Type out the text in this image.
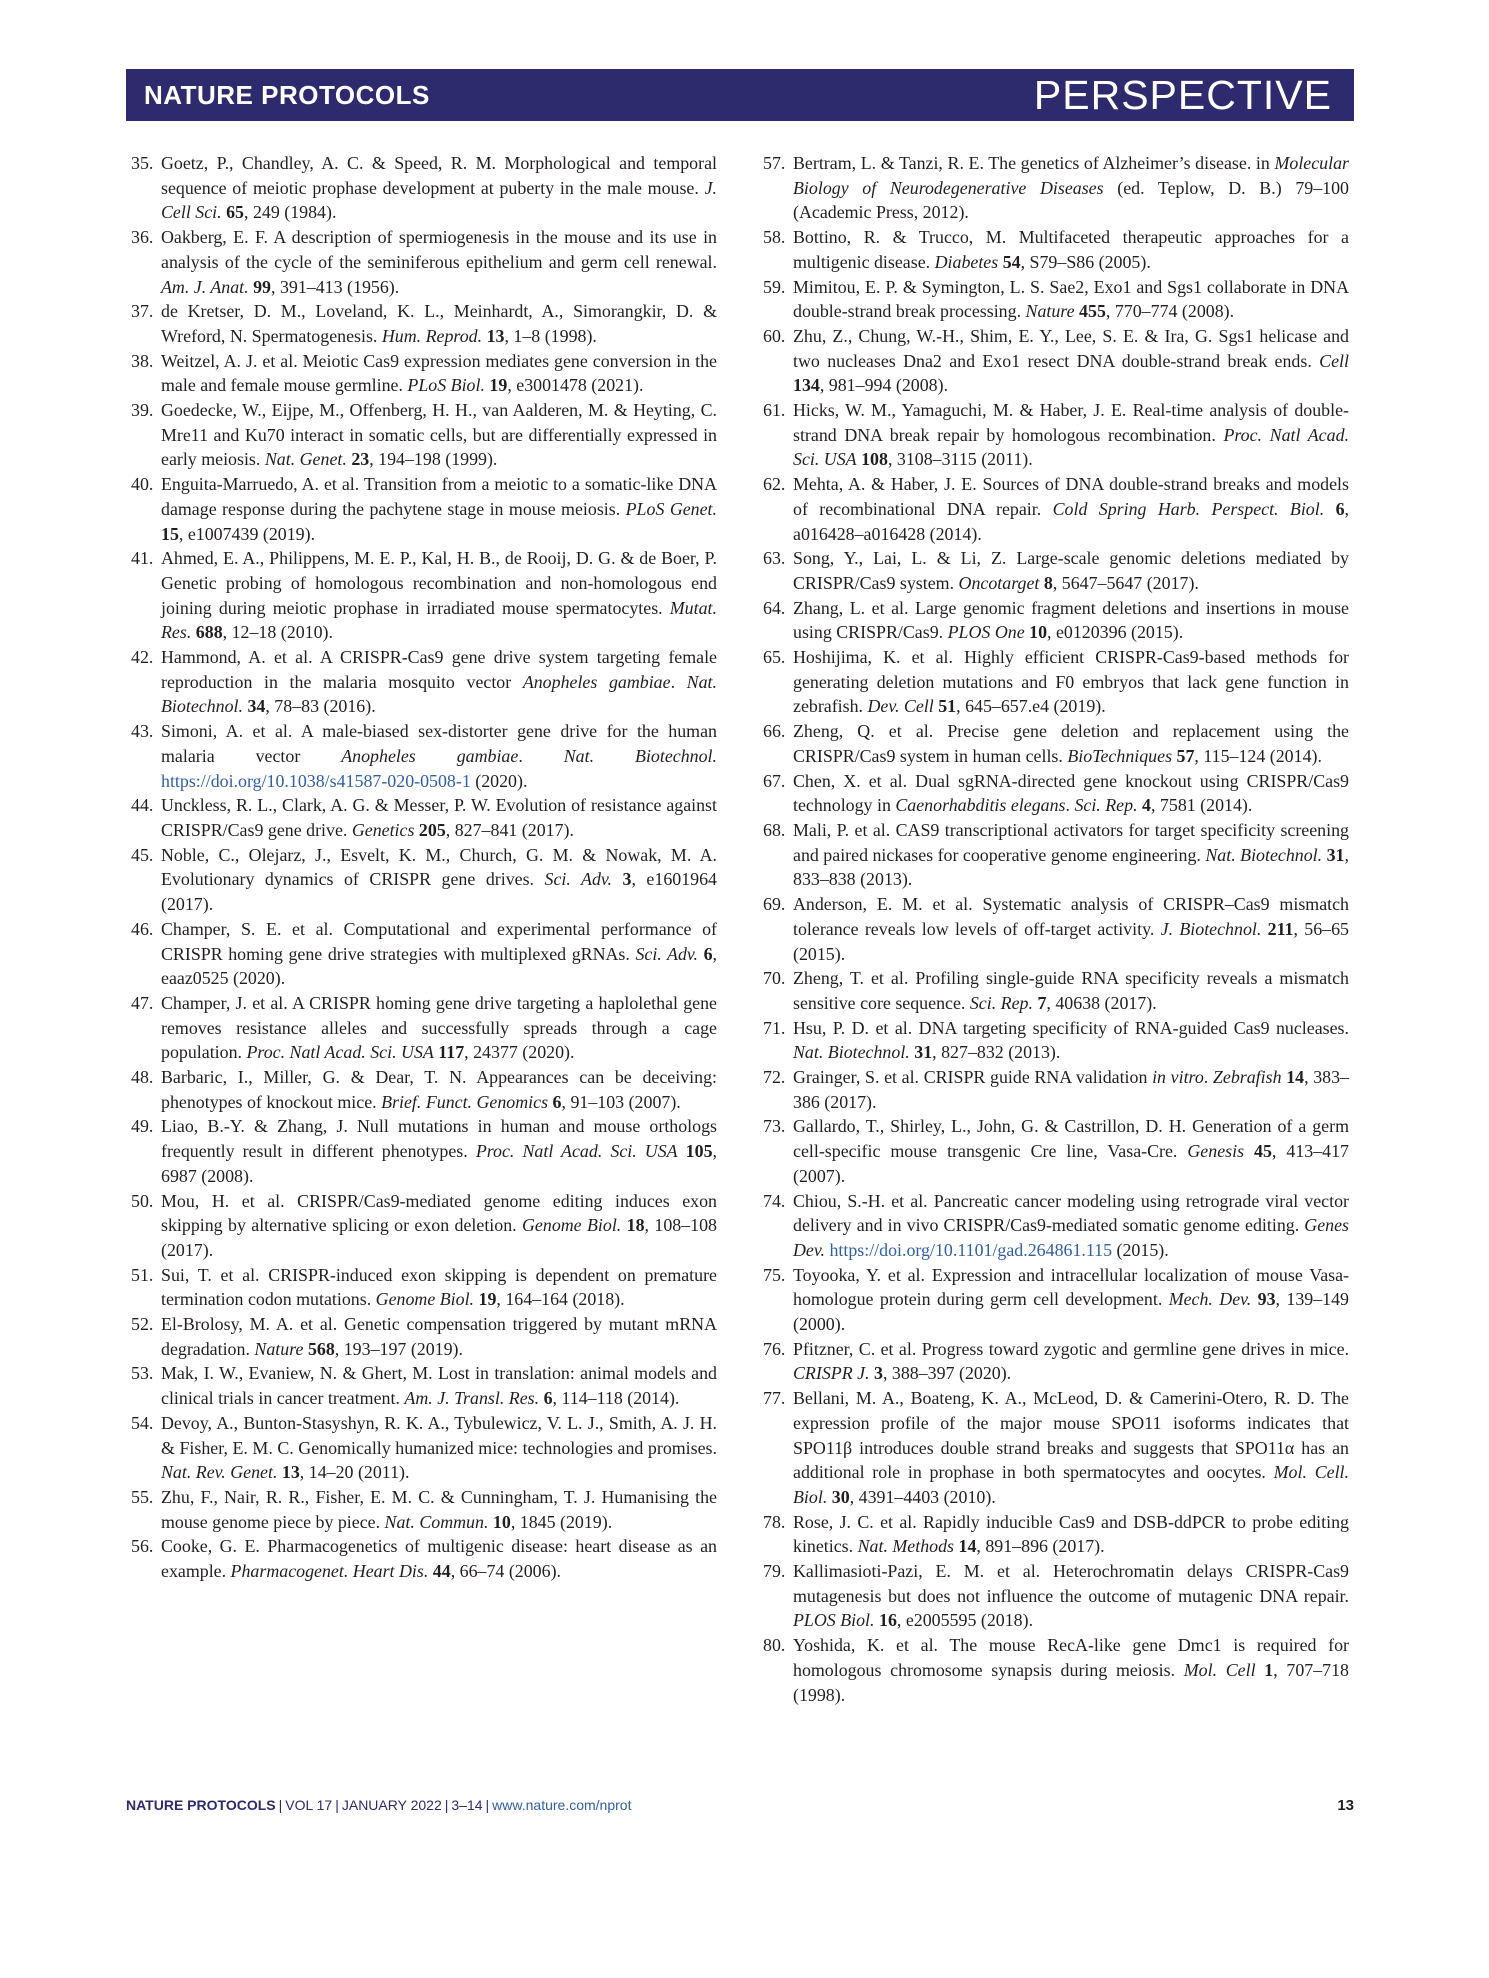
NATURE PROTOCOLS	PERSPECTIVE
35. Goetz, P., Chandley, A. C. & Speed, R. M. Morphological and temporal sequence of meiotic prophase development at puberty in the male mouse. J. Cell Sci. 65, 249 (1984).
36. Oakberg, E. F. A description of spermiogenesis in the mouse and its use in analysis of the cycle of the seminiferous epithelium and germ cell renewal. Am. J. Anat. 99, 391–413 (1956).
37. de Kretser, D. M., Loveland, K. L., Meinhardt, A., Simorangkir, D. & Wreford, N. Spermatogenesis. Hum. Reprod. 13, 1–8 (1998).
38. Weitzel, A. J. et al. Meiotic Cas9 expression mediates gene conversion in the male and female mouse germline. PLoS Biol. 19, e3001478 (2021).
39. Goedecke, W., Eijpe, M., Offenberg, H. H., van Aalderen, M. & Heyting, C. Mre11 and Ku70 interact in somatic cells, but are differentially expressed in early meiosis. Nat. Genet. 23, 194–198 (1999).
40. Enguita-Marruedo, A. et al. Transition from a meiotic to a somatic-like DNA damage response during the pachytene stage in mouse meiosis. PLoS Genet. 15, e1007439 (2019).
41. Ahmed, E. A., Philippens, M. E. P., Kal, H. B., de Rooij, D. G. & de Boer, P. Genetic probing of homologous recombination and non-homologous end joining during meiotic prophase in irradiated mouse spermatocytes. Mutat. Res. 688, 12–18 (2010).
42. Hammond, A. et al. A CRISPR-Cas9 gene drive system targeting female reproduction in the malaria mosquito vector Anopheles gambiae. Nat. Biotechnol. 34, 78–83 (2016).
43. Simoni, A. et al. A male-biased sex-distorter gene drive for the human malaria vector Anopheles gambiae. Nat. Biotechnol. https://doi.org/10.1038/s41587-020-0508-1 (2020).
44. Unckless, R. L., Clark, A. G. & Messer, P. W. Evolution of resistance against CRISPR/Cas9 gene drive. Genetics 205, 827–841 (2017).
45. Noble, C., Olejarz, J., Esvelt, K. M., Church, G. M. & Nowak, M. A. Evolutionary dynamics of CRISPR gene drives. Sci. Adv. 3, e1601964 (2017).
46. Champer, S. E. et al. Computational and experimental performance of CRISPR homing gene drive strategies with multiplexed gRNAs. Sci. Adv. 6, eaaz0525 (2020).
47. Champer, J. et al. A CRISPR homing gene drive targeting a haplolethal gene removes resistance alleles and successfully spreads through a cage population. Proc. Natl Acad. Sci. USA 117, 24377 (2020).
48. Barbaric, I., Miller, G. & Dear, T. N. Appearances can be deceiving: phenotypes of knockout mice. Brief. Funct. Genomics 6, 91–103 (2007).
49. Liao, B.-Y. & Zhang, J. Null mutations in human and mouse orthologs frequently result in different phenotypes. Proc. Natl Acad. Sci. USA 105, 6987 (2008).
50. Mou, H. et al. CRISPR/Cas9-mediated genome editing induces exon skipping by alternative splicing or exon deletion. Genome Biol. 18, 108–108 (2017).
51. Sui, T. et al. CRISPR-induced exon skipping is dependent on premature termination codon mutations. Genome Biol. 19, 164–164 (2018).
52. El-Brolosy, M. A. et al. Genetic compensation triggered by mutant mRNA degradation. Nature 568, 193–197 (2019).
53. Mak, I. W., Evaniew, N. & Ghert, M. Lost in translation: animal models and clinical trials in cancer treatment. Am. J. Transl. Res. 6, 114–118 (2014).
54. Devoy, A., Bunton-Stasyshyn, R. K. A., Tybulewicz, V. L. J., Smith, A. J. H. & Fisher, E. M. C. Genomically humanized mice: technologies and promises. Nat. Rev. Genet. 13, 14–20 (2011).
55. Zhu, F., Nair, R. R., Fisher, E. M. C. & Cunningham, T. J. Humanising the mouse genome piece by piece. Nat. Commun. 10, 1845 (2019).
56. Cooke, G. E. Pharmacogenetics of multigenic disease: heart disease as an example. Pharmacogenet. Heart Dis. 44, 66–74 (2006).
57. Bertram, L. & Tanzi, R. E. The genetics of Alzheimer’s disease. in Molecular Biology of Neurodegenerative Diseases (ed. Teplow, D. B.) 79–100 (Academic Press, 2012).
58. Bottino, R. & Trucco, M. Multifaceted therapeutic approaches for a multigenic disease. Diabetes 54, S79–S86 (2005).
59. Mimitou, E. P. & Symington, L. S. Sae2, Exo1 and Sgs1 collaborate in DNA double-strand break processing. Nature 455, 770–774 (2008).
60. Zhu, Z., Chung, W.-H., Shim, E. Y., Lee, S. E. & Ira, G. Sgs1 helicase and two nucleases Dna2 and Exo1 resect DNA double-strand break ends. Cell 134, 981–994 (2008).
61. Hicks, W. M., Yamaguchi, M. & Haber, J. E. Real-time analysis of double-strand DNA break repair by homologous recombination. Proc. Natl Acad. Sci. USA 108, 3108–3115 (2011).
62. Mehta, A. & Haber, J. E. Sources of DNA double-strand breaks and models of recombinational DNA repair. Cold Spring Harb. Perspect. Biol. 6, a016428–a016428 (2014).
63. Song, Y., Lai, L. & Li, Z. Large-scale genomic deletions mediated by CRISPR/Cas9 system. Oncotarget 8, 5647–5647 (2017).
64. Zhang, L. et al. Large genomic fragment deletions and insertions in mouse using CRISPR/Cas9. PLOS One 10, e0120396 (2015).
65. Hoshijima, K. et al. Highly efficient CRISPR-Cas9-based methods for generating deletion mutations and F0 embryos that lack gene function in zebrafish. Dev. Cell 51, 645–657.e4 (2019).
66. Zheng, Q. et al. Precise gene deletion and replacement using the CRISPR/Cas9 system in human cells. BioTechniques 57, 115–124 (2014).
67. Chen, X. et al. Dual sgRNA-directed gene knockout using CRISPR/Cas9 technology in Caenorhabditis elegans. Sci. Rep. 4, 7581 (2014).
68. Mali, P. et al. CAS9 transcriptional activators for target specificity screening and paired nickases for cooperative genome engineering. Nat. Biotechnol. 31, 833–838 (2013).
69. Anderson, E. M. et al. Systematic analysis of CRISPR–Cas9 mismatch tolerance reveals low levels of off-target activity. J. Biotechnol. 211, 56–65 (2015).
70. Zheng, T. et al. Profiling single-guide RNA specificity reveals a mismatch sensitive core sequence. Sci. Rep. 7, 40638 (2017).
71. Hsu, P. D. et al. DNA targeting specificity of RNA-guided Cas9 nucleases. Nat. Biotechnol. 31, 827–832 (2013).
72. Grainger, S. et al. CRISPR guide RNA validation in vitro. Zebrafish 14, 383–386 (2017).
73. Gallardo, T., Shirley, L., John, G. & Castrillon, D. H. Generation of a germ cell-specific mouse transgenic Cre line, Vasa-Cre. Genesis 45, 413–417 (2007).
74. Chiou, S.-H. et al. Pancreatic cancer modeling using retrograde viral vector delivery and in vivo CRISPR/Cas9-mediated somatic genome editing. Genes Dev. https://doi.org/10.1101/gad.264861.115 (2015).
75. Toyooka, Y. et al. Expression and intracellular localization of mouse Vasa-homologue protein during germ cell development. Mech. Dev. 93, 139–149 (2000).
76. Pfitzner, C. et al. Progress toward zygotic and germline gene drives in mice. CRISPR J. 3, 388–397 (2020).
77. Bellani, M. A., Boateng, K. A., McLeod, D. & Camerini-Otero, R. D. The expression profile of the major mouse SPO11 isoforms indicates that SPO11β introduces double strand breaks and suggests that SPO11α has an additional role in prophase in both spermatocytes and oocytes. Mol. Cell. Biol. 30, 4391–4403 (2010).
78. Rose, J. C. et al. Rapidly inducible Cas9 and DSB-ddPCR to probe editing kinetics. Nat. Methods 14, 891–896 (2017).
79. Kallimasioti-Pazi, E. M. et al. Heterochromatin delays CRISPR-Cas9 mutagenesis but does not influence the outcome of mutagenic DNA repair. PLOS Biol. 16, e2005595 (2018).
80. Yoshida, K. et al. The mouse RecA-like gene Dmc1 is required for homologous chromosome synapsis during meiosis. Mol. Cell 1, 707–718 (1998).
NATURE PROTOCOLS | VOL 17 | JANUARY 2022 | 3–14 | www.nature.com/nprot	13
